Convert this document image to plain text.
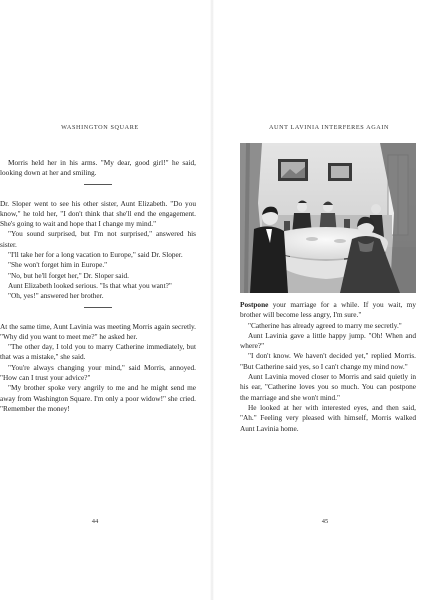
WASHINGTON SQUARE

Morris held her in his arms. "My dear, good girl!" he said, looking down at her and smiling.

Dr. Sloper went to see his other sister, Aunt Elizabeth. "Do you know," he told her, "I don't think that she'll end the engagement. She's going to wait and hope that I change my mind."

"You sound surprised, but I'm not surprised," answered his sister.

"I'll take her for a long vacation to Europe," said Dr. Sloper.

"She won't forget him in Europe."

"No, but he'll forget her," Dr. Sloper said.

Aunt Elizabeth looked serious. "Is that what you want?"

"Oh, yes!" answered her brother.

At the same time, Aunt Lavinia was meeting Morris again secretly. "Why did you want to meet me?" he asked her.

"The other day, I told you to marry Catherine immediately, but that was a mistake," she said.

"You're always changing your mind," said Morris, annoyed. "How can I trust your advice?"

"My brother spoke very angrily to me and he might send me away from Washington Square. I'm only a poor widow!" she cried. "Remember the money!

44
AUNT LAVINIA INTERFERES AGAIN

Postpone your marriage for a while. If you wait, my brother will become less angry, I'm sure."

"Catherine has already agreed to marry me secretly."

Aunt Lavinia gave a little happy jump. "Oh! When and where?"

"I don't know. We haven't decided yet," replied Morris. "But Catherine said yes, so I can't change my mind now."

Aunt Lavinia moved closer to Morris and said quietly in his ear, "Catherine loves you so much. You can postpone the marriage and she won't mind."

He looked at her with interested eyes, and then said, "Ah." Feeling very pleased with himself, Morris walked Aunt Lavinia home.

45
